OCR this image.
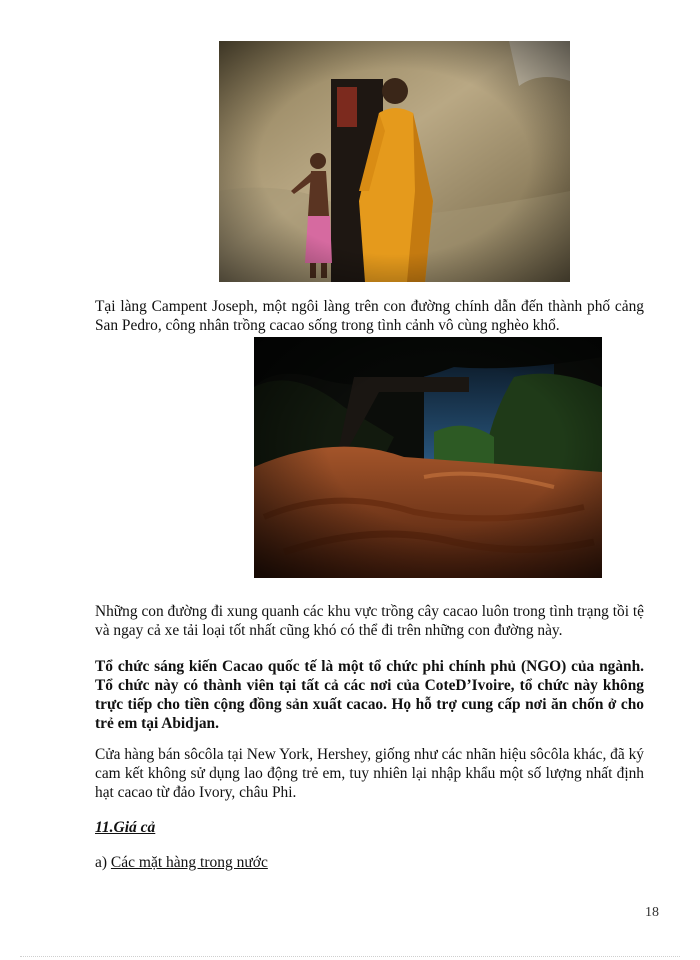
Tại làng Campent Joseph, một ngôi làng trên con đường chính dẫn đến thành phố cảng San Pedro, công nhân trồng cacao sống trong tình cảnh vô cùng nghèo khổ.

Những con đường đi xung quanh các khu vực trồng cây cacao luôn trong tình trạng tồi tệ và ngay cả xe tải loại tốt nhất cũng khó có thể đi trên những con đường này.

Tổ chức sáng kiến Cacao quốc tế là một tổ chức phi chính phủ (NGO) của ngành. Tổ chức này có thành viên tại tất cả các nơi của CoteD’Ivoire, tổ chức này không trực tiếp cho tiền cộng đồng sản xuất cacao. Họ hỗ trợ cung cấp nơi ăn chốn ở cho trẻ em tại Abidjan.

Cửa hàng bán sôcôla tại New York, Hershey, giống như các nhãn hiệu sôcôla khác, đã ký cam kết không sử dụng lao động trẻ em, tuy nhiên lại nhập khẩu một số lượng nhất định hạt cacao từ đảo Ivory, châu Phi.

11.Giá cả
a) Các mặt hàng trong nước
18
